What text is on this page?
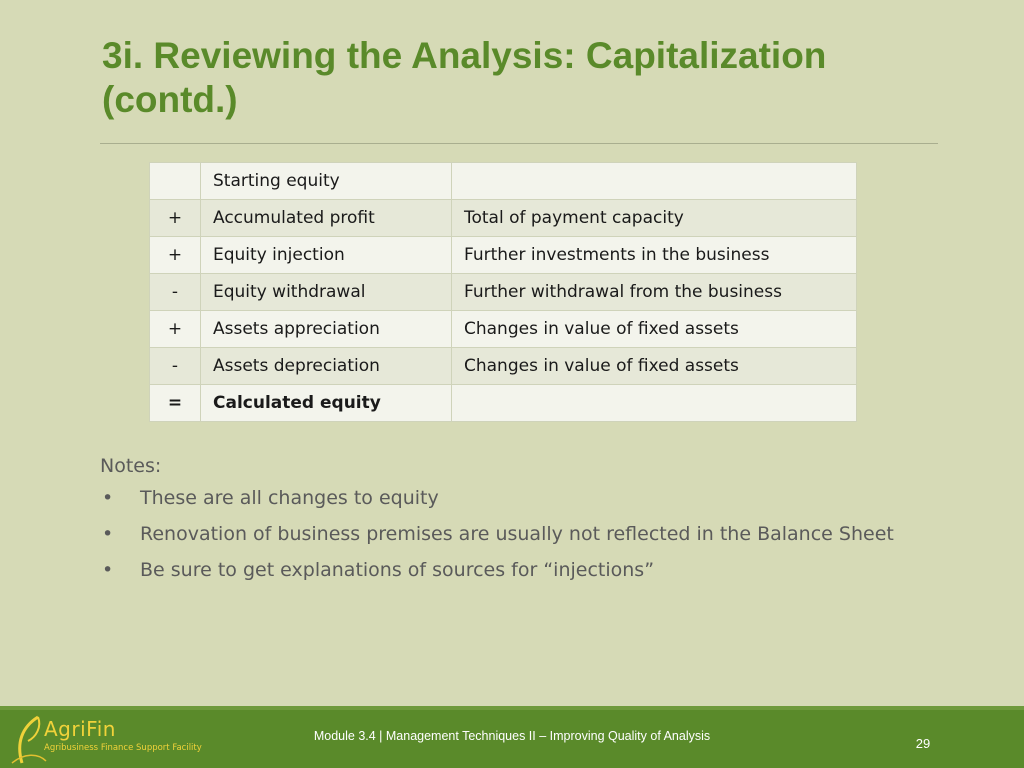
3i. Reviewing the Analysis: Capitalization (contd.)
	Starting equity	
+	Accumulated profit	Total of payment capacity
+	Equity injection	Further investments in the business
-	Equity withdrawal	Further withdrawal from the business
+	Assets appreciation	Changes in value of fixed assets
-	Assets depreciation	Changes in value of fixed assets
=	Calculated equity	

Notes:

• These are all changes to equity
• Renovation of business premises are usually not reflected in the Balance Sheet
• Be sure to get explanations of sources for “injections”
AgriFin
Agribusiness Finance Support Facility
Module 3.4 | Management Techniques II – Improving Quality of Analysis	29
